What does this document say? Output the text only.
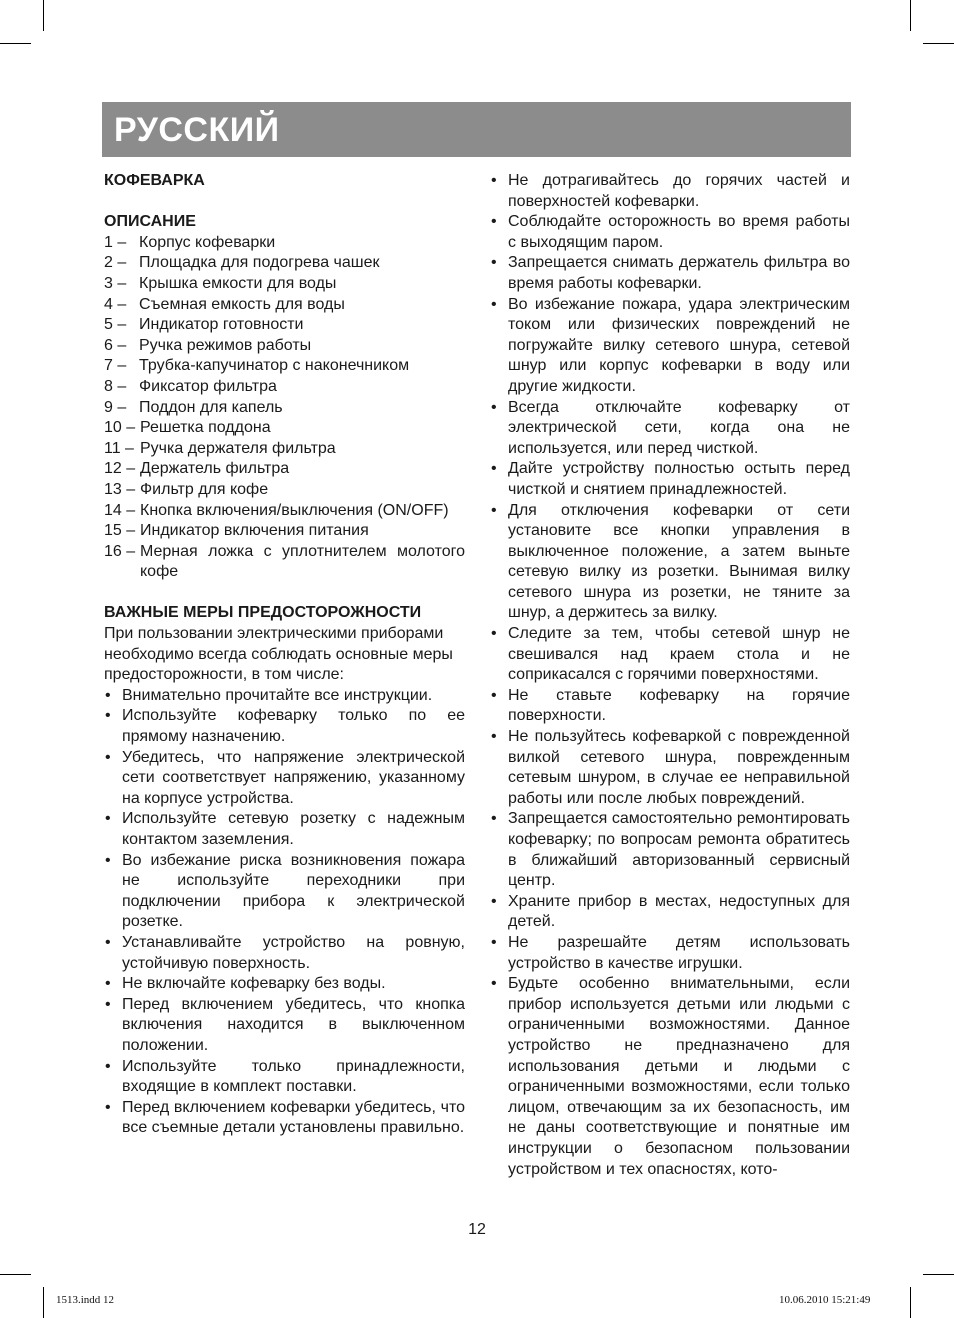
РУССКИЙ
КОФЕВАРКА
ОПИСАНИЕ
1 – Корпус кофеварки
2 – Площадка для подогрева чашек
3 – Крышка емкости для воды
4 – Съемная емкость для воды
5 – Индикатор готовности
6 – Ручка режимов работы
7 – Трубка-капучинатор с наконечником
8 – Фиксатор фильтра
9 – Поддон для капель
10 – Решетка поддона
11 – Ручка держателя фильтра
12 – Держатель фильтра
13 – Фильтр для кофе
14 – Кнопка включения/выключения (ON/OFF)
15 – Индикатор включения питания
16 – Мерная ложка с уплотнителем молотого кофе
ВАЖНЫЕ МЕРЫ ПРЕДОСТОРОЖНОСТИ
При пользовании электрическими приборами необходимо всегда соблюдать основные меры
предосторожности, в том числе:
• Внимательно прочитайте все инструкции.
• Используйте кофеварку только по ее прямому назначению.
• Убедитесь, что напряжение электрической сети соответствует напряжению, указанному на корпусе устройства.
• Используйте сетевую розетку с надежным контактом заземления.
• Во избежание риска возникновения пожара не используйте переходники при подключении прибора к электрической розетке.
• Устанавливайте устройство на ровную, устойчивую поверхность.
• Не включайте кофеварку без воды.
• Перед включением убедитесь, что кнопка включения находится в выключенном положении.
• Используйте только принадлежности, входящие в комплект поставки.
• Перед включением кофеварки убедитесь, что все съемные детали установлены правильно.
• Не дотрагивайтесь до горячих частей и поверхностей кофеварки.
• Соблюдайте осторожность во время работы с выходящим паром.
• Запрещается снимать держатель фильтра во время работы кофеварки.
• Во избежание пожара, удара электрическим током или физических повреждений не погружайте вилку сетевого шнура, сетевой шнур или корпус кофеварки в воду или другие жидкости.
• Всегда отключайте кофеварку от электрической сети, когда она не используется, или перед чисткой.
• Дайте устройству полностью остыть перед чисткой и снятием принадлежностей.
• Для отключения кофеварки от сети установите все кнопки управления в выключенное положение, а затем выньте сетевую вилку из розетки. Вынимая вилку сетевого шнура из розетки, не тяните за шнур, а держитесь за вилку.
• Следите за тем, чтобы сетевой шнур не свешивался над краем стола и не соприкасался с горячими поверхностями.
• Не ставьте кофеварку на горячие поверхности.
• Не пользуйтесь кофеваркой с поврежденной вилкой сетевого шнура, поврежденным сетевым шнуром, в случае ее неправильной работы или после любых повреждений.
• Запрещается самостоятельно ремонтировать кофеварку; по вопросам ремонта обратитесь в ближайший авторизованный сервисный центр.
• Храните прибор в местах, недоступных для детей.
• Не разрешайте детям использовать устройство в качестве игрушки.
• Будьте особенно внимательными, если прибор используется детьми или людьми с ограниченными возможностями. Данное устройство не предназначено для использования детьми и людьми с ограниченными возможностями, если только лицом, отвечающим за их безопасность, им не даны соответствующие и понятные им инструкции о безопасном пользовании устройством и тех опасностях, кото-
12
1513.indd 12	10.06.2010 15:21:49
